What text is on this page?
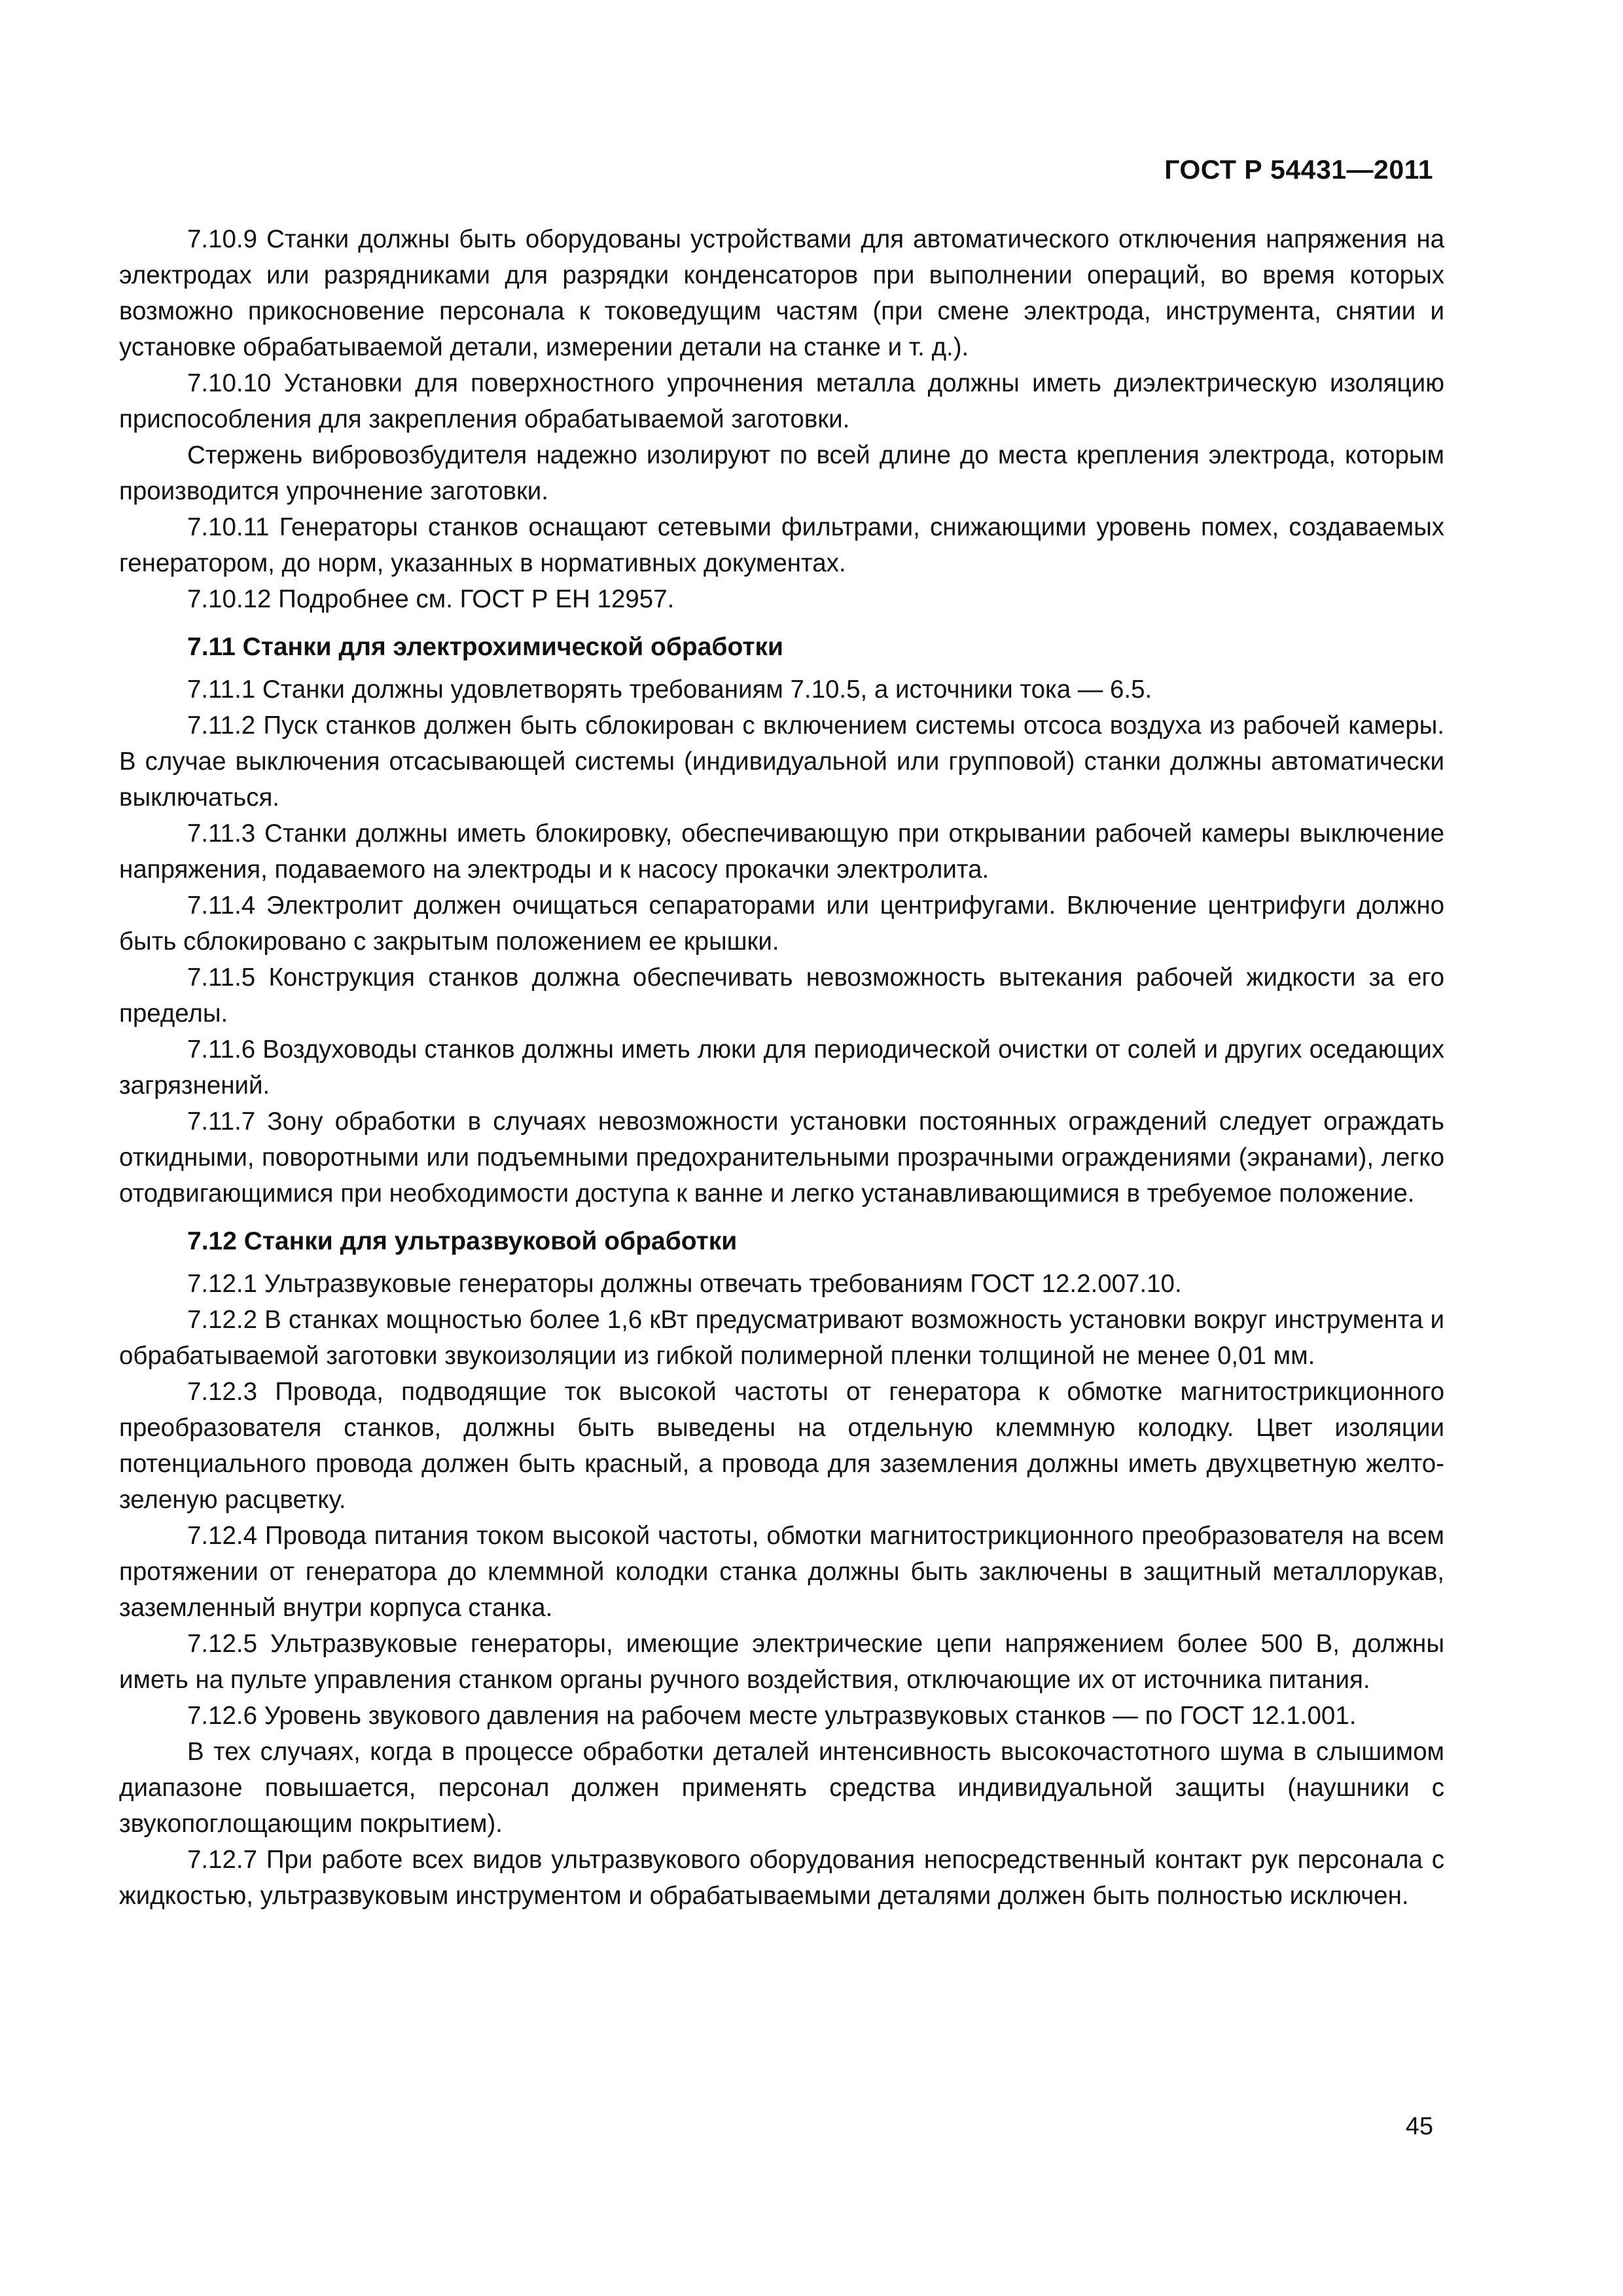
ГОСТ Р 54431—2011

7.10.9 Станки должны быть оборудованы устройствами для автоматического отключения напряжения на электродах или разрядниками для разрядки конденсаторов при выполнении операций, во время которых возможно прикосновение персонала к токоведущим частям (при смене электрода, инструмента, снятии и установке обрабатываемой детали, измерении детали на станке и т. д.).

7.10.10 Установки для поверхностного упрочнения металла должны иметь диэлектрическую изоляцию приспособления для закрепления обрабатываемой заготовки.

Стержень вибровозбудителя надежно изолируют по всей длине до места крепления электрода, которым производится упрочнение заготовки.

7.10.11 Генераторы станков оснащают сетевыми фильтрами, снижающими уровень помех, создаваемых генератором, до норм, указанных в нормативных документах.

7.10.12 Подробнее см. ГОСТ Р ЕН 12957.

7.11 Станки для электрохимической обработки

7.11.1 Станки должны удовлетворять требованиям 7.10.5, а источники тока — 6.5.

7.11.2 Пуск станков должен быть сблокирован с включением системы отсоса воздуха из рабочей камеры. В случае выключения отсасывающей системы (индивидуальной или групповой) станки должны автоматически выключаться.

7.11.3 Станки должны иметь блокировку, обеспечивающую при открывании рабочей камеры выключение напряжения, подаваемого на электроды и к насосу прокачки электролита.

7.11.4 Электролит должен очищаться сепараторами или центрифугами. Включение центрифуги должно быть сблокировано с закрытым положением ее крышки.

7.11.5 Конструкция станков должна обеспечивать невозможность вытекания рабочей жидкости за его пределы.

7.11.6 Воздуховоды станков должны иметь люки для периодической очистки от солей и других оседающих загрязнений.

7.11.7 Зону обработки в случаях невозможности установки постоянных ограждений следует ограждать откидными, поворотными или подъемными предохранительными прозрачными ограждениями (экранами), легко отодвигающимися при необходимости доступа к ванне и легко устанавливающимися в требуемое положение.

7.12 Станки для ультразвуковой обработки

7.12.1 Ультразвуковые генераторы должны отвечать требованиям ГОСТ 12.2.007.10.

7.12.2 В станках мощностью более 1,6 кВт предусматривают возможность установки вокруг инструмента и обрабатываемой заготовки звукоизоляции из гибкой полимерной пленки толщиной не менее 0,01 мм.

7.12.3 Провода, подводящие ток высокой частоты от генератора к обмотке магнитострикционного преобразователя станков, должны быть выведены на отдельную клеммную колодку. Цвет изоляции потенциального провода должен быть красный, а провода для заземления должны иметь двухцветную желто-зеленую расцветку.

7.12.4 Провода питания током высокой частоты, обмотки магнитострикционного преобразователя на всем протяжении от генератора до клеммной колодки станка должны быть заключены в защитный металлорукав, заземленный внутри корпуса станка.

7.12.5 Ультразвуковые генераторы, имеющие электрические цепи напряжением более 500 В, должны иметь на пульте управления станком органы ручного воздействия, отключающие их от источника питания.

7.12.6 Уровень звукового давления на рабочем месте ультразвуковых станков — по ГОСТ 12.1.001.

В тех случаях, когда в процессе обработки деталей интенсивность высокочастотного шума в слышимом диапазоне повышается, персонал должен применять средства индивидуальной защиты (наушники с звукопоглощающим покрытием).

7.12.7 При работе всех видов ультразвукового оборудования непосредственный контакт рук персонала с жидкостью, ультразвуковым инструментом и обрабатываемыми деталями должен быть полностью исключен.

45
